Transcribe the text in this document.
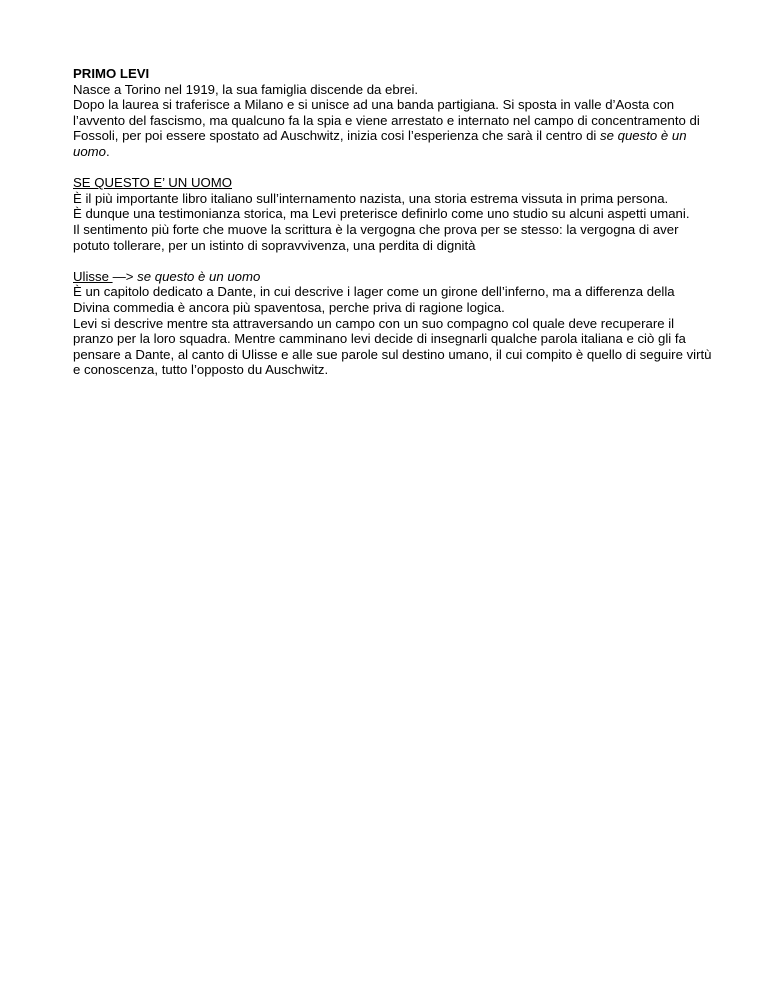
PRIMO LEVI
Nasce a Torino nel 1919, la sua famiglia discende da ebrei.
Dopo la laurea si traferisce a Milano e si unisce ad una banda partigiana. Si sposta in valle d’Aosta con l’avvento del fascismo, ma qualcuno fa la spia e viene arrestato e internato nel campo di concentramento di Fossoli, per poi essere spostato ad Auschwitz, inizia cosi l’esperienza che sarà il centro di se questo è un uomo.
SE QUESTO E’ UN UOMO
È il più importante libro italiano sull’internamento nazista, una storia estrema vissuta in prima persona.
È dunque una testimonianza storica, ma Levi preterisce definirlo come uno studio su alcuni aspetti umani.
Il sentimento più forte che muove la scrittura è la vergogna che prova per se stesso: la vergogna di aver potuto tollerare, per un istinto di sopravvivenza, una perdita di dignità
Ulisse —> se questo è un uomo
È un capitolo dedicato a Dante, in cui descrive i lager come un girone dell’inferno, ma a differenza della Divina commedia è ancora più spaventosa, perche priva di ragione logica.
Levi si descrive mentre sta attraversando un campo con un suo compagno col quale deve recuperare il pranzo per la loro squadra. Mentre camminano levi decide di insegnarli qualche parola italiana e ciò gli fa pensare a Dante, al canto di Ulisse e alle sue parole sul destino umano, il cui compito è quello di seguire virtù e conoscenza, tutto l’opposto du Auschwitz.
